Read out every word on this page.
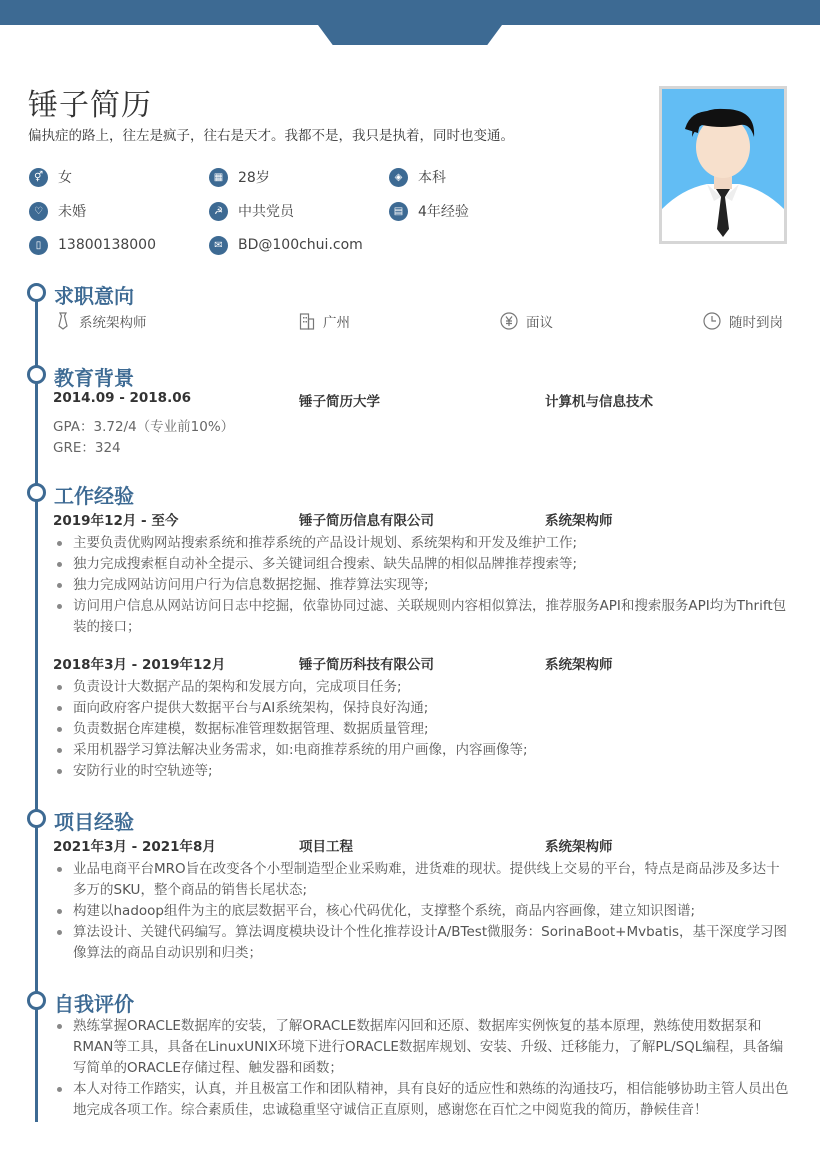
锤子简历
偏执症的路上，往左是疯子，往右是天才。我都不是，我只是执着，同时也变通。
⚥	女	▦	28岁	◈	本科
♡	未婚	☭	中共党员	▤	4年经验
▯	13800138000	✉	BD@100chui.com
求职意向
系统架构师	广州	面议	随时到岗
教育背景
2014.09 - 2018.06	锤子简历大学	计算机与信息技术
GPA：3.72/4（专业前10%）
GRE：324
工作经验
2019年12月 - 至今	锤子简历信息有限公司	系统架构师
主要负责优购网站搜索系统和推荐系统的产品设计规划、系统架构和开发及维护工作;
独力完成搜索框自动补全提示、多关键词组合搜索、缺失品牌的相似品牌推荐搜索等;
独力完成网站访问用户行为信息数据挖掘、推荐算法实现等;
访问用户信息从网站访问日志中挖掘，依靠协同过滤、关联规则内容相似算法，推荐服务API和搜索服务API均为Thrift包装的接口；
2018年3月 - 2019年12月	锤子简历科技有限公司	系统架构师
负责设计大数据产品的架构和发展方向，完成项目任务;
面向政府客户提供大数据平台与AI系统架构，保持良好沟通;
负责数据仓库建模，数据标准管理数据管理、数据质量管理;
采用机器学习算法解决业务需求，如:电商推荐系统的用户画像，内容画像等;
安防行业的时空轨迹等;
项目经验
2021年3月 - 2021年8月	项目工程	系统架构师
业品电商平台MRO旨在改变各个小型制造型企业采购难，进货难的现状。提供线上交易的平台，特点是商品涉及多达十多万的SKU，整个商品的销售长尾状态;
构建以hadoop组件为主的底层数据平台，核心代码优化，支撑整个系统，商品内容画像，建立知识图谱;
算法设计、关键代码编写。算法调度模块设计个性化推荐设计A/BTest微服务：SorinaBoot+Mvbatis，基干深度学习图像算法的商品自动识别和归类；
自我评价
熟练掌握ORACLE数据库的安装，了解ORACLE数据库闪回和还原、数据库实例恢复的基本原理，熟练使用数据泵和RMAN等工具，具备在LinuxUNIX环境下进行ORACLE数据库规划、安装、升级、迁移能力，了解PL/SQL编程，具备编写简单的ORACLE存储过程、触发器和函数；
本人对待工作踏实，认真，并且极富工作和团队精神，具有良好的适应性和熟练的沟通技巧，相信能够协助主管人员出色地完成各项工作。综合素质佳，忠诚稳重坚守诚信正直原则，感谢您在百忙之中阅览我的简历，静候佳音！
